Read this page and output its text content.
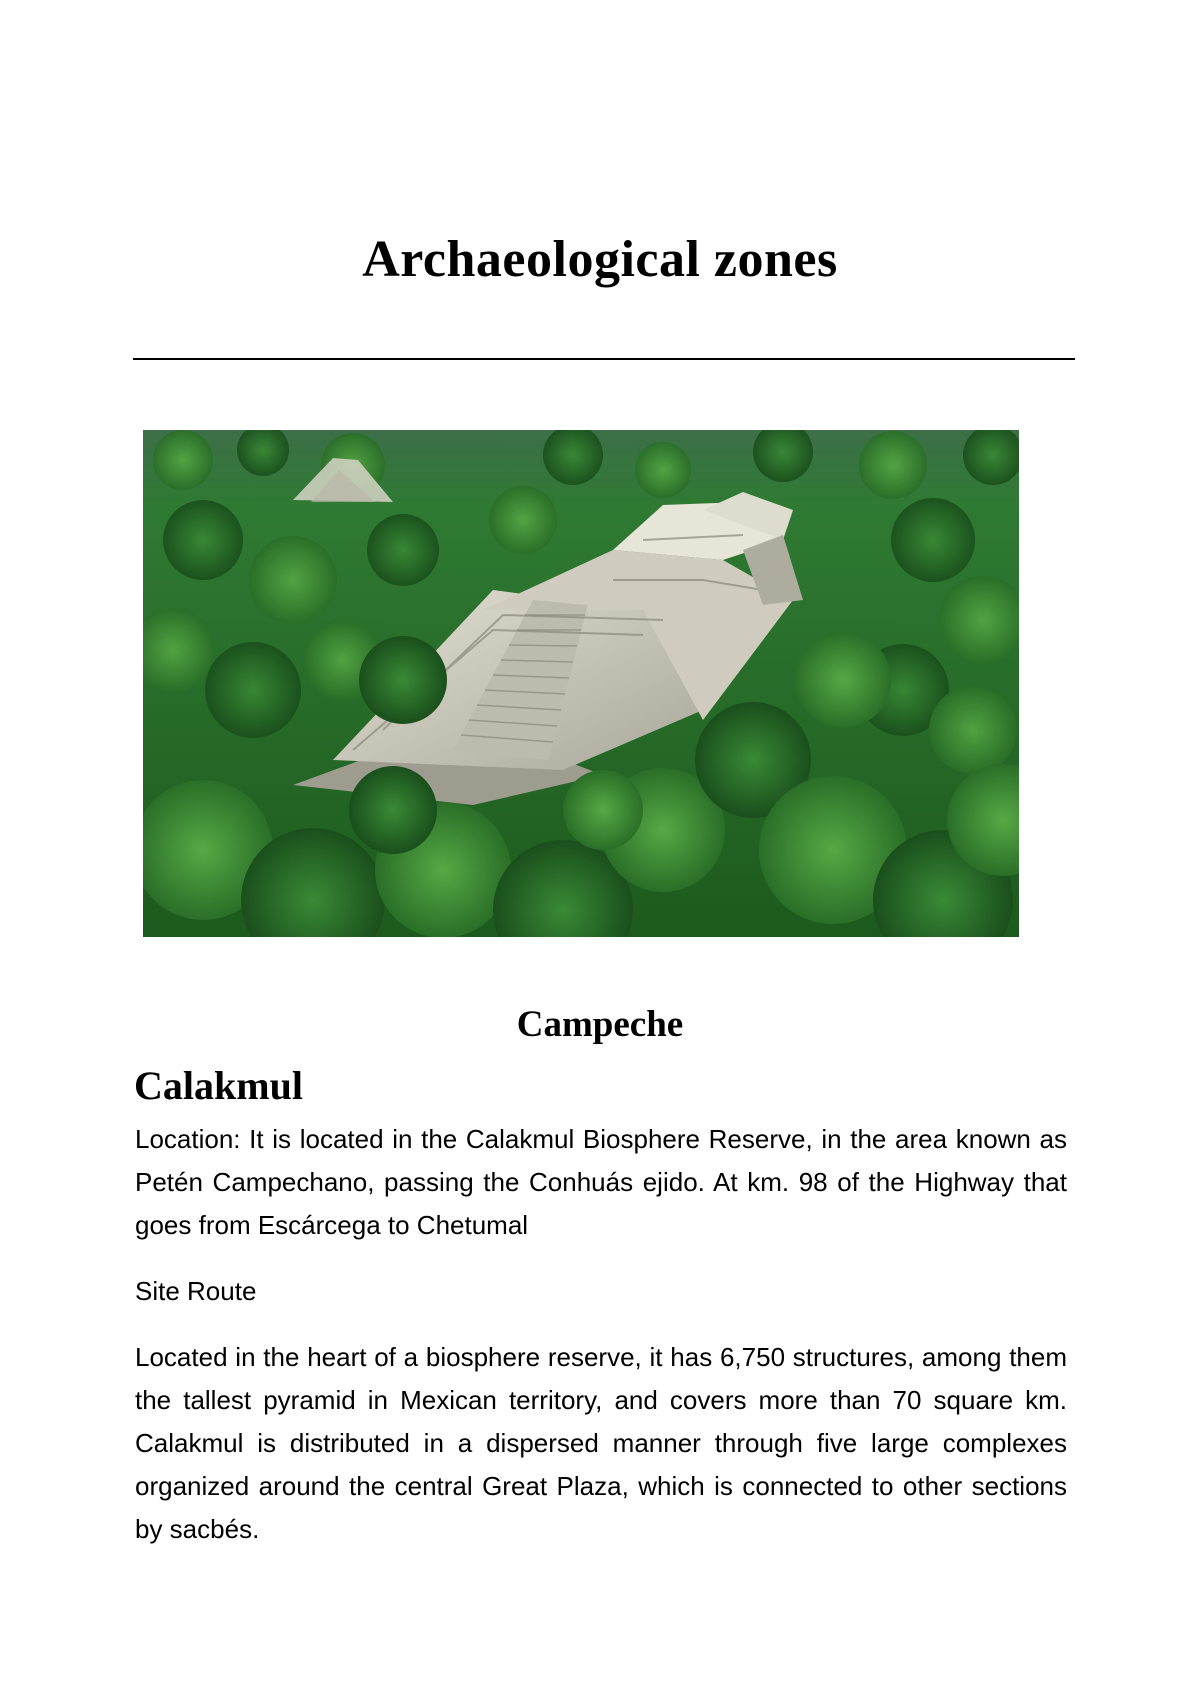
Archaeological zones
Campeche
Calakmul

Location: It is located in the Calakmul Biosphere Reserve, in the area known as Petén Campechano, passing the Conhuás ejido. At km. 98 of the Highway that goes from Escárcega to Chetumal

Site Route

Located in the heart of a biosphere reserve, it has 6,750 structures, among them the tallest pyramid in Mexican territory, and covers more than 70 square km. Calakmul is distributed in a dispersed manner through five large complexes organized around the central Great Plaza, which is connected to other sections by sacbés.
